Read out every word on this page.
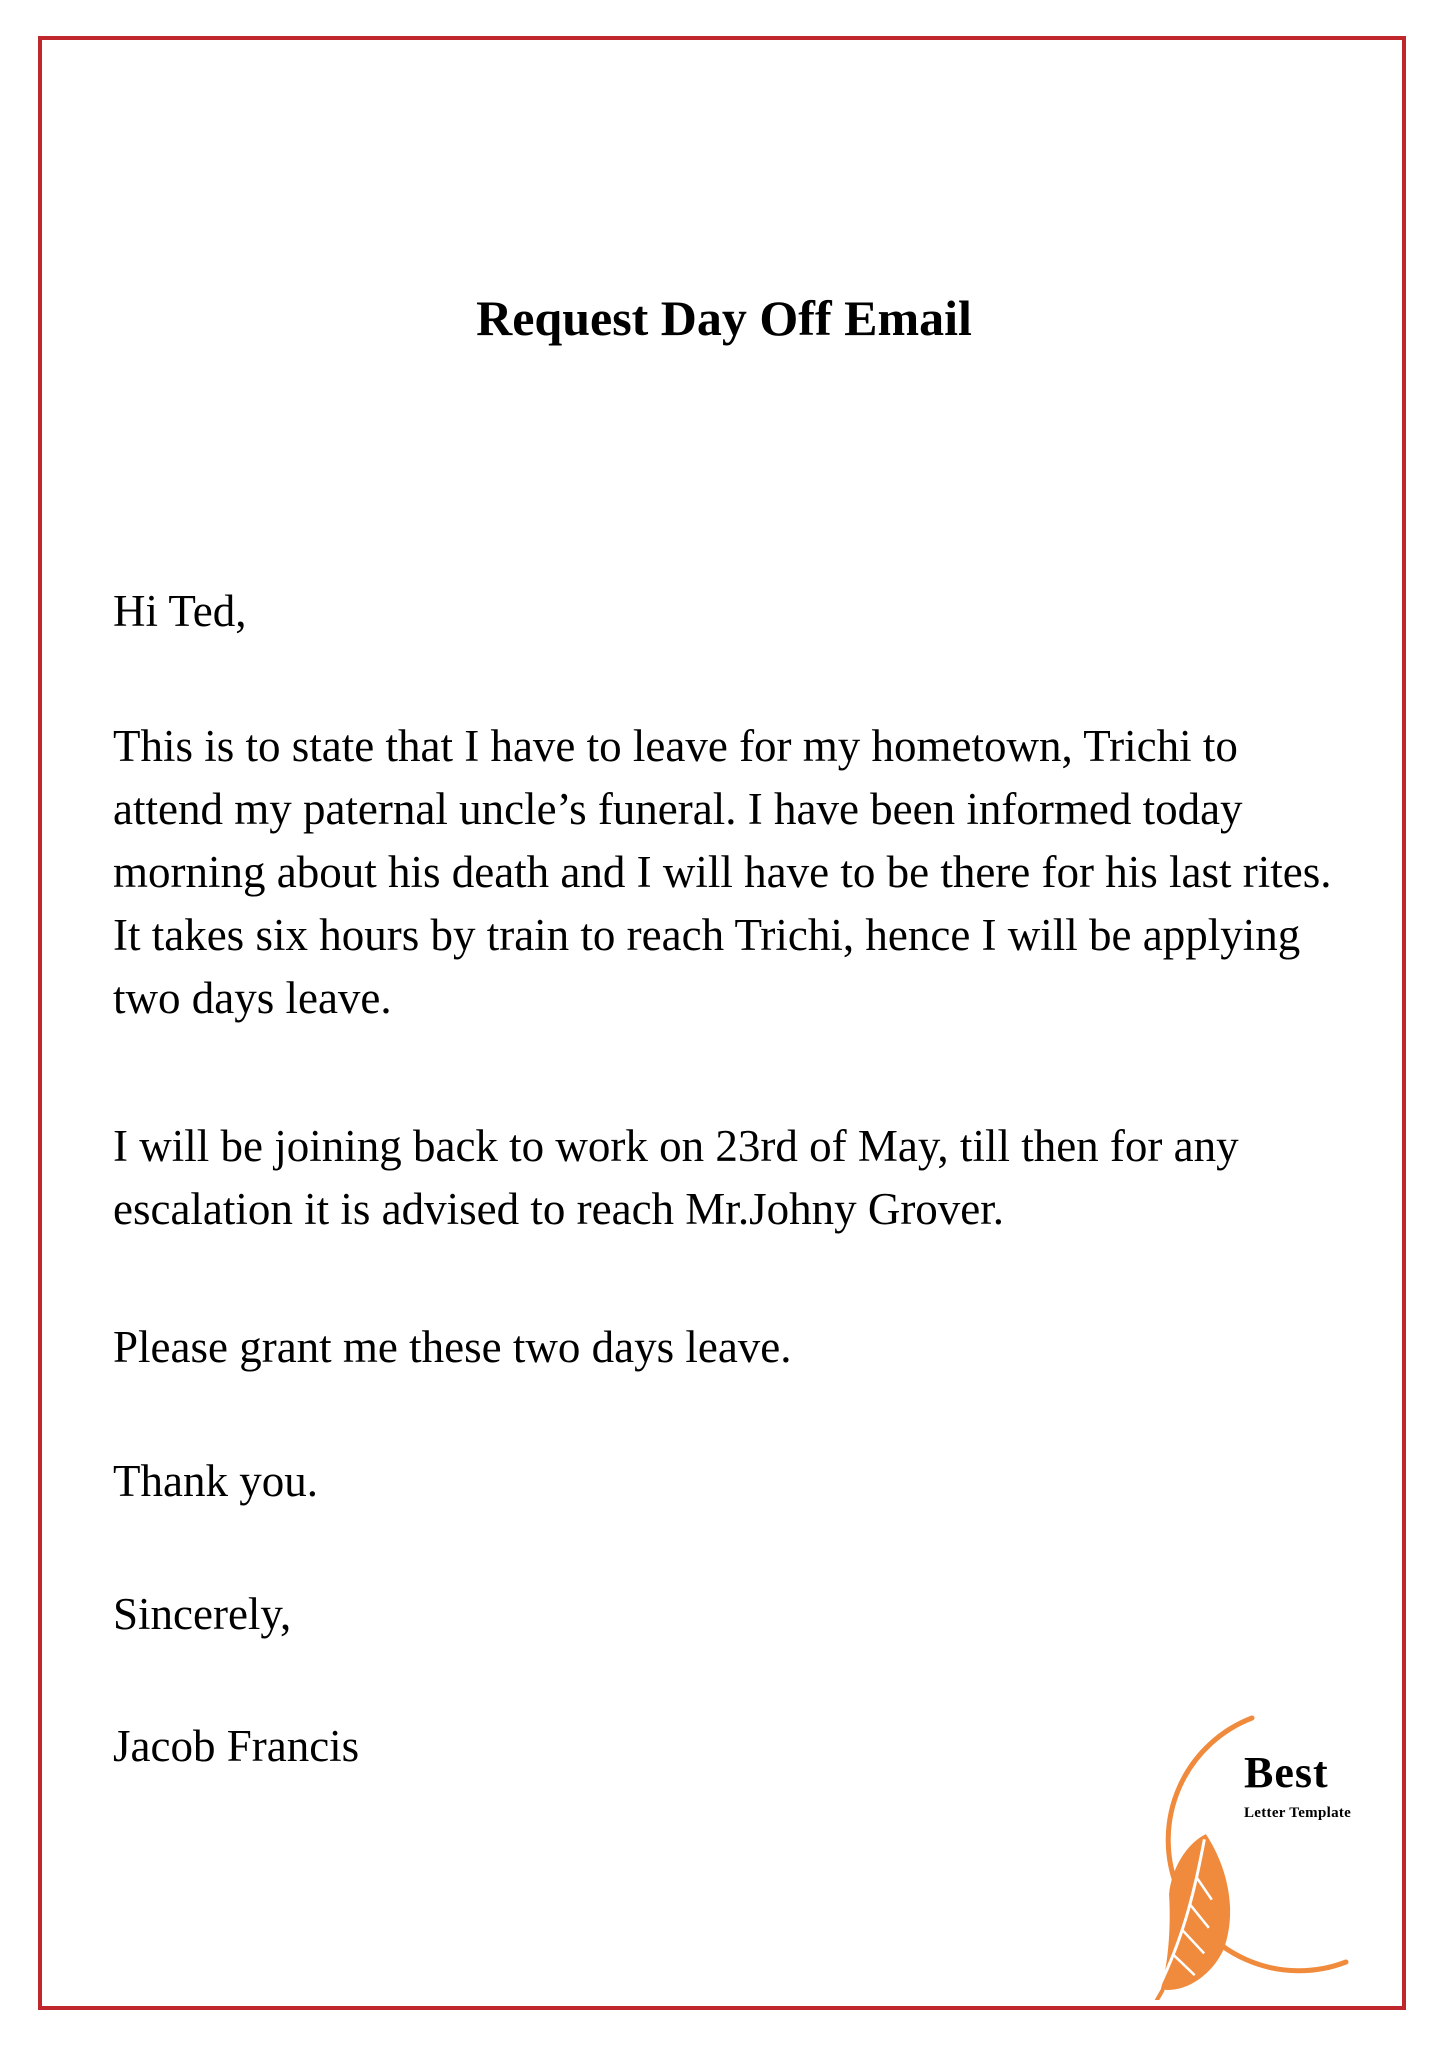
Request Day Off Email

Hi Ted,

This is to state that I have to leave for my hometown, Trichi to attend my paternal uncle’s funeral. I have been informed today morning about his death and I will have to be there for his last rites. It takes six hours by train to reach Trichi, hence I will be applying two days leave.

I will be joining back to work on 23rd of May, till then for any escalation it is advised to reach Mr.Johny Grover.

Please grant me these two days leave.

Thank you.

Sincerely,

Jacob Francis

Best
Letter Template
